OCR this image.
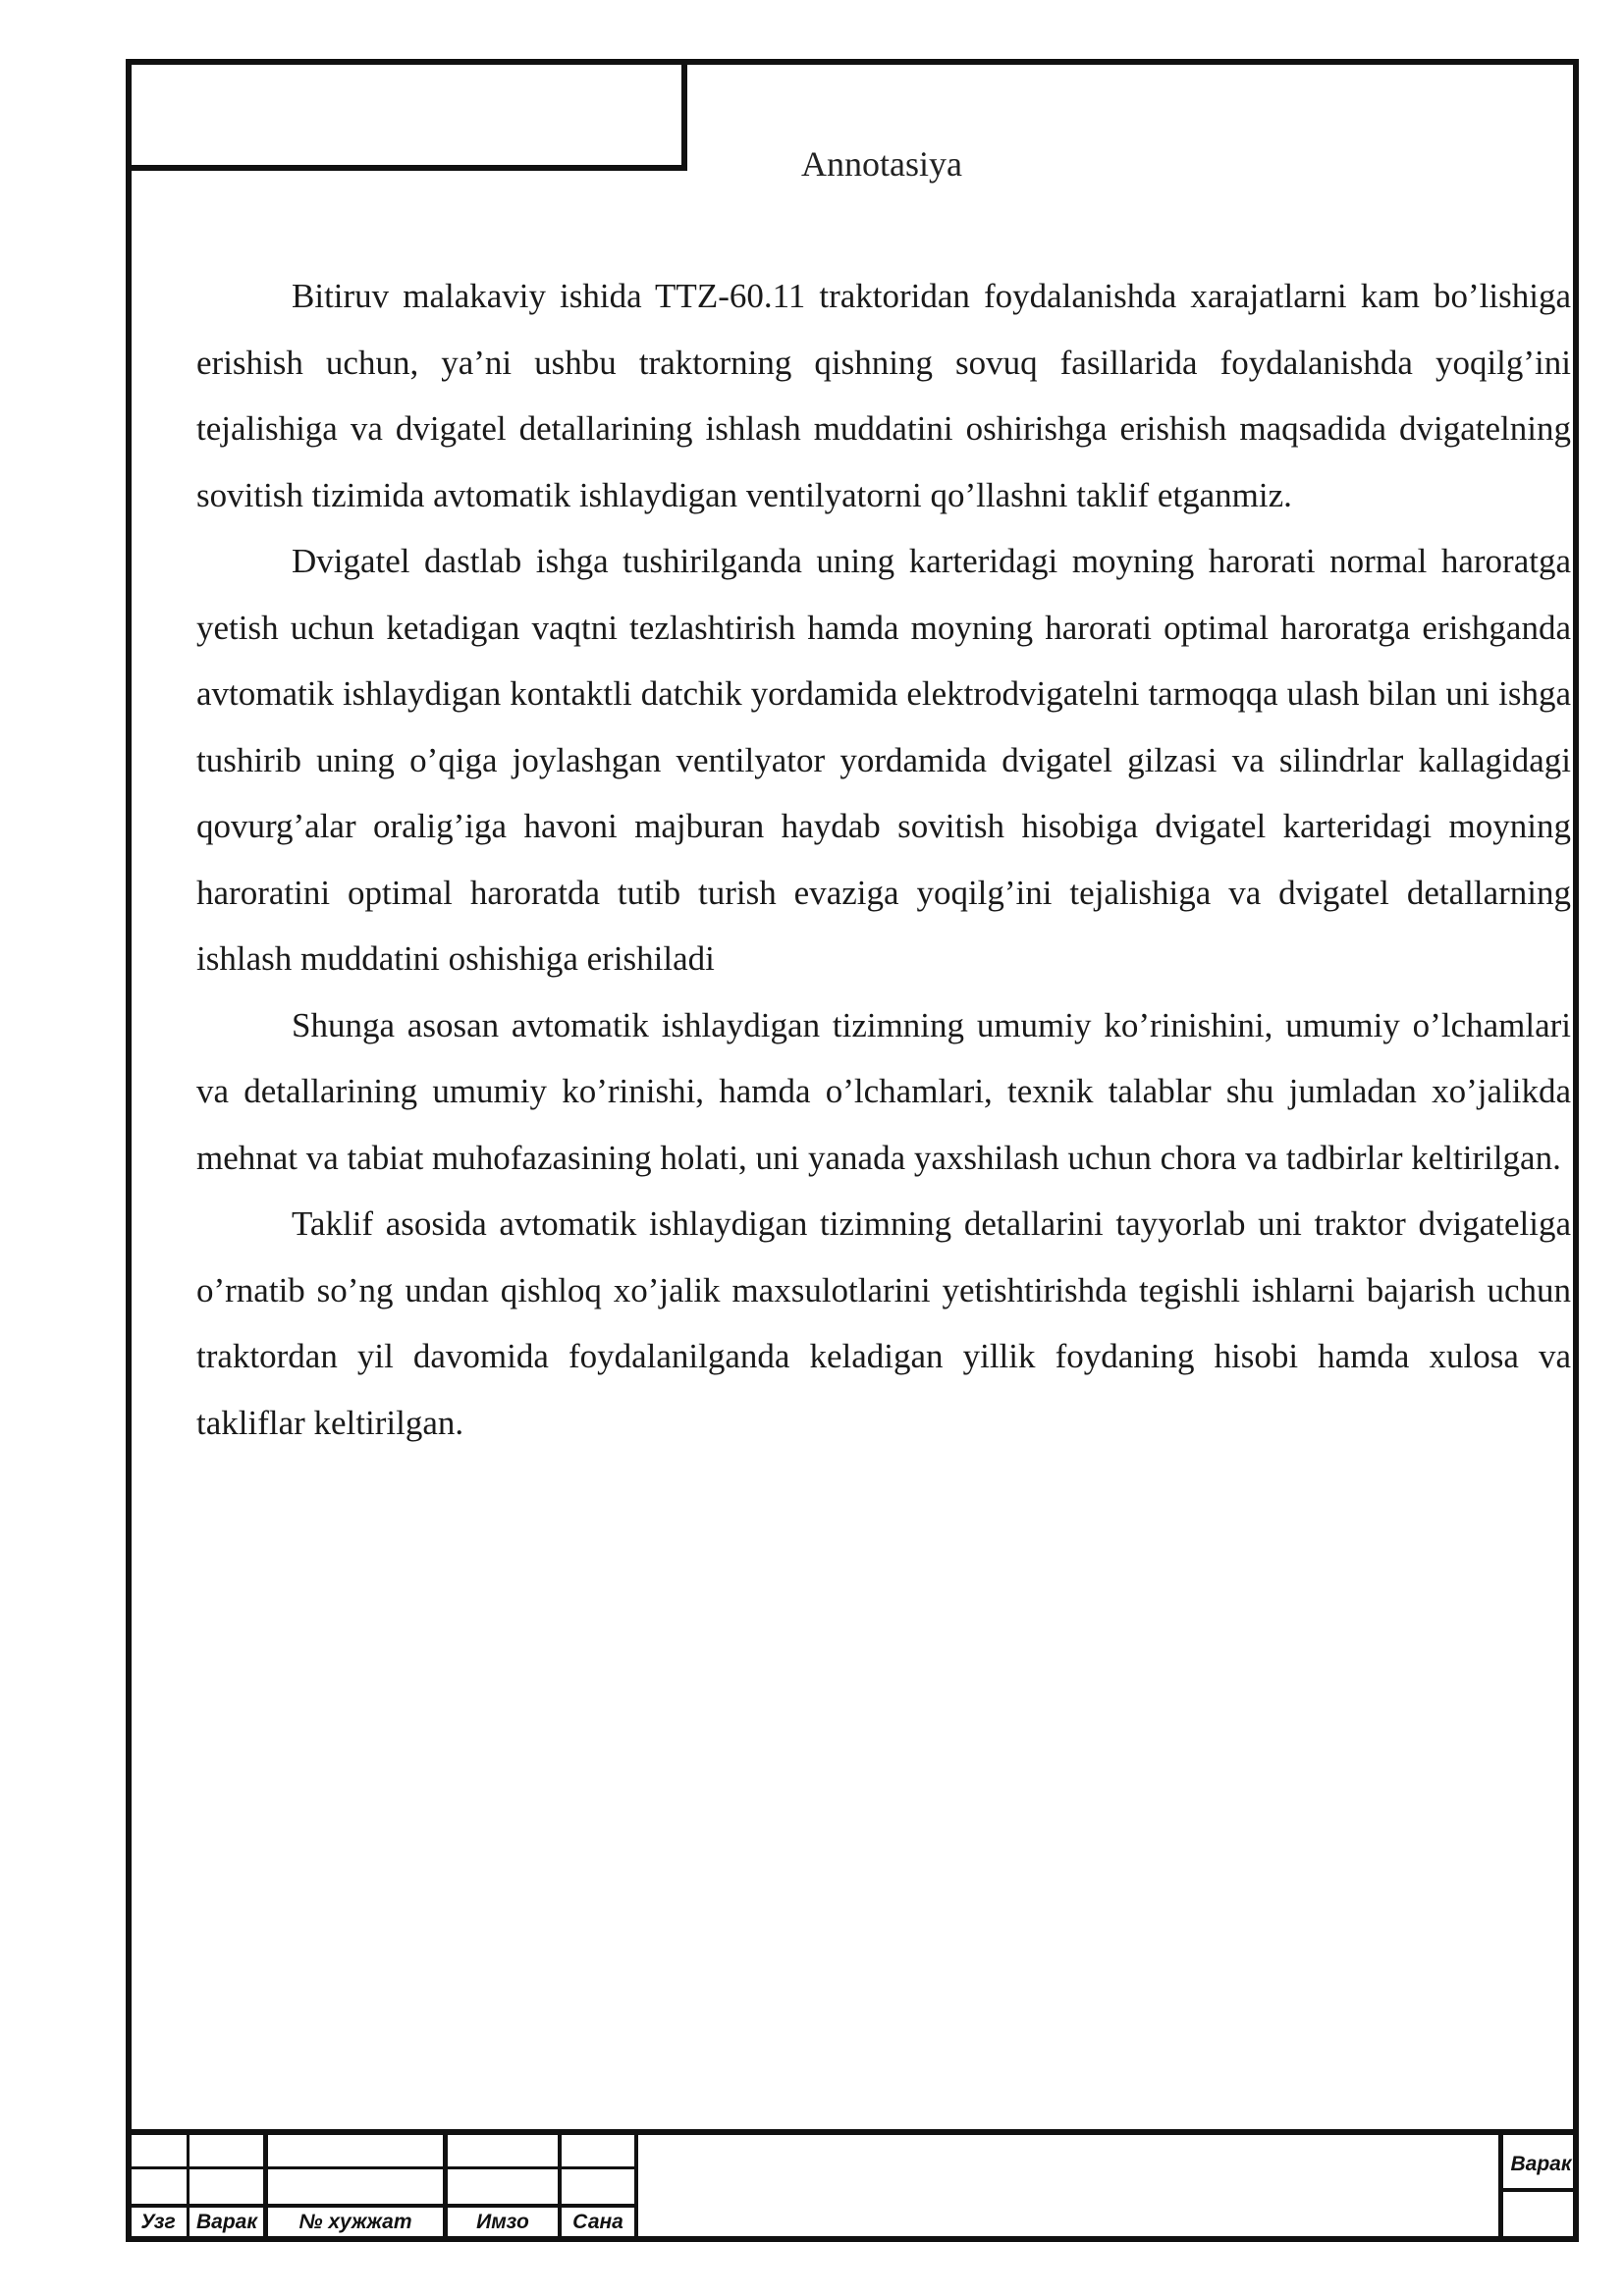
Annotasiya

Bitiruv malakaviy ishida TTZ-60.11 traktoridan foydalanishda xarajatlarni kam bo’lishiga erishish uchun, ya’ni ushbu traktorning qishning sovuq fasillarida foydalanishda yoqilg’ini tejalishiga va dvigatel detallarining ishlash muddatini oshirishga erishish maqsadida dvigatelning sovitish tizimida avtomatik ishlaydigan ventilyatorni qo’llashni taklif etganmiz.

Dvigatel dastlab ishga tushirilganda uning karteridagi moyning harorati normal haroratga yetish uchun ketadigan vaqtni tezlashtirish hamda moyning harorati optimal haroratga erishganda avtomatik ishlaydigan kontaktli datchik yordamida elektrodvigatelni tarmoqqa ulash bilan uni ishga tushirib uning o’qiga joylashgan ventilyator yordamida dvigatel gilzasi va silindrlar kallagidagi qovurg’alar oralig’iga havoni majburan haydab sovitish hisobiga dvigatel karteridagi moyning haroratini optimal haroratda tutib turish evaziga yoqilg’ini tejalishiga va dvigatel detallarning ishlash muddatini oshishiga erishiladi

Shunga asosan avtomatik ishlaydigan tizimning umumiy ko’rinishini, umumiy o’lchamlari va detallarining umumiy ko’rinishi, hamda o’lchamlari, texnik talablar shu jumladan xo’jalikda mehnat va tabiat muhofazasining holati, uni yanada yaxshilash uchun chora va tadbirlar keltirilgan.

Taklif asosida avtomatik ishlaydigan tizimning detallarini tayyorlab uni traktor dvigateliga o’rnatib so’ng undan qishloq xo’jalik maxsulotlarini yetishtirishda tegishli ishlarni bajarish uchun traktordan yil davomida foydalanilganda keladigan yillik foydaning hisobi hamda xulosa va takliflar keltirilgan.

Узг	Варак	№ хужжат	Имзо	Сана
Варак
